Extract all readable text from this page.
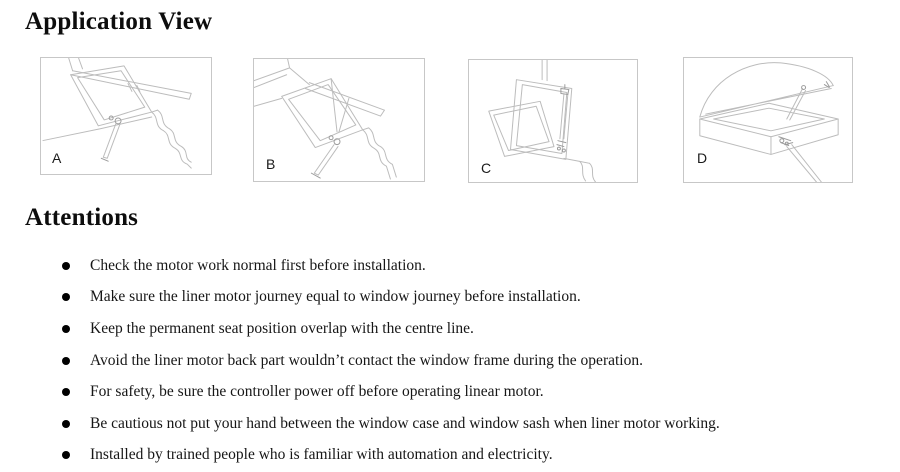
Application View
A	B	C
D
Attentions
Check the motor work normal first before installation.
Make sure the liner motor journey equal to window journey before installation.
Keep the permanent seat position overlap with the centre line.
Avoid the liner motor back part wouldn’t contact the window frame during the operation.
For safety, be sure the controller power off before operating linear motor.
Be cautious not put your hand between the window case and window sash when liner motor working.
Installed by trained people who is familiar with automation and electricity.
